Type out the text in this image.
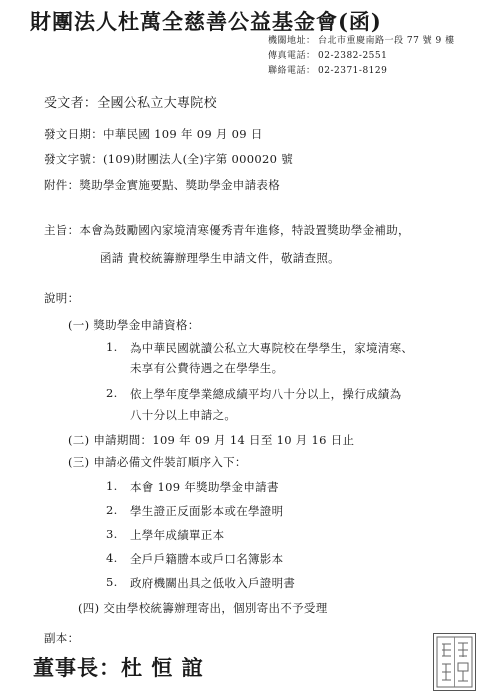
財團法人杜萬全慈善公益基金會(函)
機關地址： 台北市重慶南路一段 77 號 9 樓
傳真電話： 02-2382-2551
聯絡電話： 02-2371-8129
受文者：全國公私立大專院校
發文日期：中華民國 109 年 09 月 09 日
發文字號：(109)財團法人(全)字第 000020 號
附件：獎助學金實施要點、獎助學金申請表格
主旨：本會為鼓勵國內家境清寒優秀青年進修，特設置獎助學金補助，
函請 貴校統籌辦理學生申請文件，敬請查照。
說明：
(一) 獎助學金申請資格：
1. 為中華民國就讀公私立大專院校在學學生，家境清寒、
未享有公費待遇之在學學生。
2. 依上學年度學業總成績平均八十分以上，操行成績為
八十分以上申請之。
(二) 申請期間：109 年 09 月 14 日至 10 月 16 日止
(三) 申請必備文件裝訂順序入下：
1. 本會 109 年獎助學金申請書
2. 學生證正反面影本或在學證明
3. 上學年成績單正本
4. 全戶戶籍謄本或戶口名簿影本
5. 政府機關出具之低收入戶證明書
(四) 交由學校統籌辦理寄出，個別寄出不予受理
副本：
董事長：杜 恒 誼
